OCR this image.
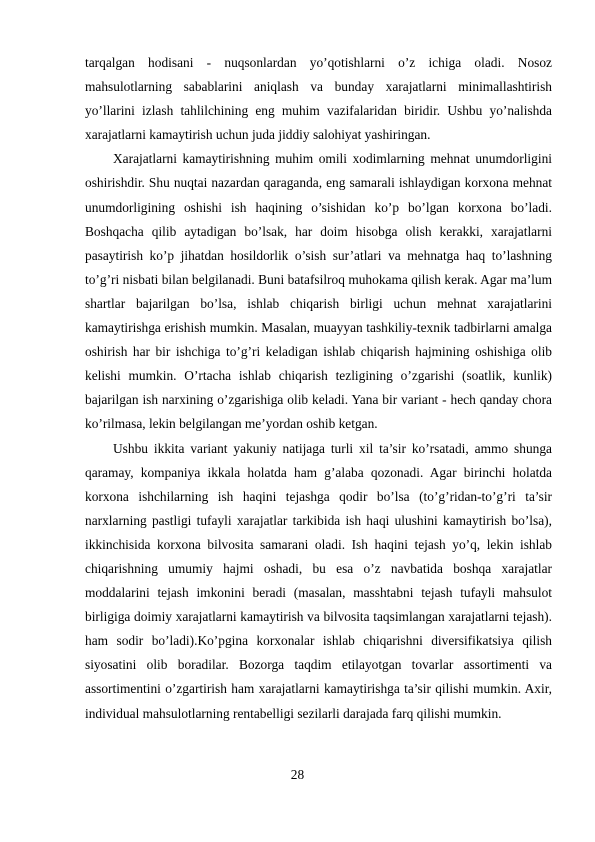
tarqalgan hodisani - nuqsonlardan yo’qotishlarni o’z ichiga oladi. Nosoz mahsulotlarning sabablarini aniqlash va bunday xarajatlarni minimallashtirish yo’llarini izlash tahlilchining eng muhim vazifalaridan biridir. Ushbu yo’nalishda xarajatlarni kamaytirish uchun juda jiddiy salohiyat yashiringan.

Xarajatlarni kamaytirishning muhim omili xodimlarning mehnat unumdorligini oshirishdir. Shu nuqtai nazardan qaraganda, eng samarali ishlaydigan korxona mehnat unumdorligining oshishi ish haqining o’sishidan ko’p bo’lgan korxona bo’ladi. Boshqacha qilib aytadigan bo’lsak, har doim hisobga olish kerakki, xarajatlarni pasaytirish ko’p jihatdan hosildorlik o’sish sur’atlari va mehnatga haq to’lashning to’g’ri nisbati bilan belgilanadi. Buni batafsilroq muhokama qilish kerak. Agar ma’lum shartlar bajarilgan bo’lsa, ishlab chiqarish birligi uchun mehnat xarajatlarini kamaytirishga erishish mumkin. Masalan, muayyan tashkiliy-texnik tadbirlarni amalga oshirish har bir ishchiga to’g’ri keladigan ishlab chiqarish hajmining oshishiga olib kelishi mumkin. O’rtacha ishlab chiqarish tezligining o’zgarishi (soatlik, kunlik) bajarilgan ish narxining o’zgarishiga olib keladi. Yana bir variant - hech qanday chora ko’rilmasa, lekin belgilangan me’yordan oshib ketgan.

Ushbu ikkita variant yakuniy natijaga turli xil ta’sir ko’rsatadi, ammo shunga qaramay, kompaniya ikkala holatda ham g’alaba qozonadi. Agar birinchi holatda korxona ishchilarning ish haqini tejashga qodir bo’lsa (to’g’ridan-to’g’ri ta’sir narxlarning pastligi tufayli xarajatlar tarkibida ish haqi ulushini kamaytirish bo’lsa), ikkinchisida korxona bilvosita samarani oladi. Ish haqini tejash yo’q, lekin ishlab chiqarishning umumiy hajmi oshadi, bu esa o’z navbatida boshqa xarajatlar moddalarini tejash imkonini beradi (masalan, masshtabni tejash tufayli mahsulot birligiga doimiy xarajatlarni kamaytirish va bilvosita taqsimlangan xarajatlarni tejash). ham sodir bo’ladi).Ko’pgina korxonalar ishlab chiqarishni diversifikatsiya qilish siyosatini olib boradilar. Bozorga taqdim etilayotgan tovarlar assortimenti va assortimentini o’zgartirish ham xarajatlarni kamaytirishga ta’sir qilishi mumkin. Axir, individual mahsulotlarning rentabelligi sezilarli darajada farq qilishi mumkin.

28
